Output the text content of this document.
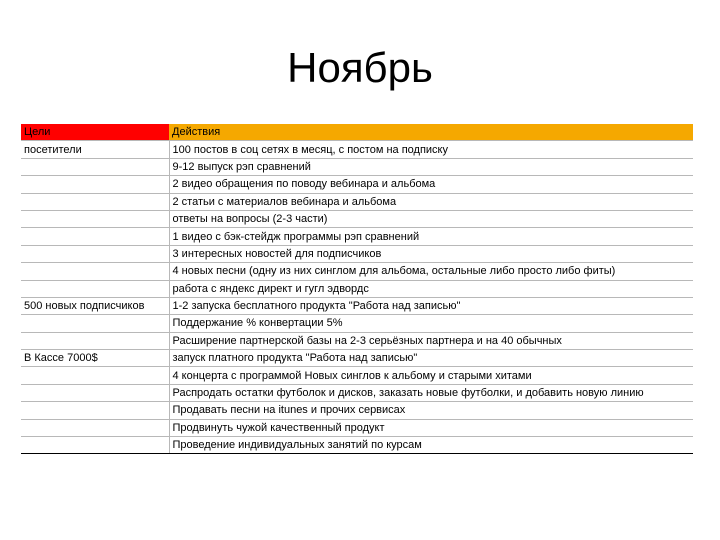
Ноябрь
Цели	Действия
посетители	100 постов в соц сетях в месяц, с постом на подписку
	9-12 выпуск рэп сравнений
	2 видео обращения по поводу вебинара и альбома
	2 статьи с материалов вебинара и альбома
	ответы на вопросы (2-3 части)
	1 видео с бэк-стейдж программы рэп сравнений
	3 интересных новостей для подписчиков
	4 новых песни (одну из них синглом для альбома, остальные либо просто либо фиты)
	работа с яндекс директ и гугл эдвордс
500 новых подписчиков	1-2 запуска бесплатного продукта "Работа над записью"
	Поддержание % конвертации 5%
	Расширение партнерской базы на 2-3 серьёзных партнера и на 40 обычных
В Кассе 7000$	запуск платного продукта "Работа над записью"
	4 концерта с программой Новых синглов к альбому и старыми хитами
	Распродать остатки футболок и дисков, заказать новые футболки, и добавить новую линию
	Продавать песни на itunes и прочих сервисах
	Продвинуть чужой качественный продукт
	Проведение индивидуальных занятий по курсам
